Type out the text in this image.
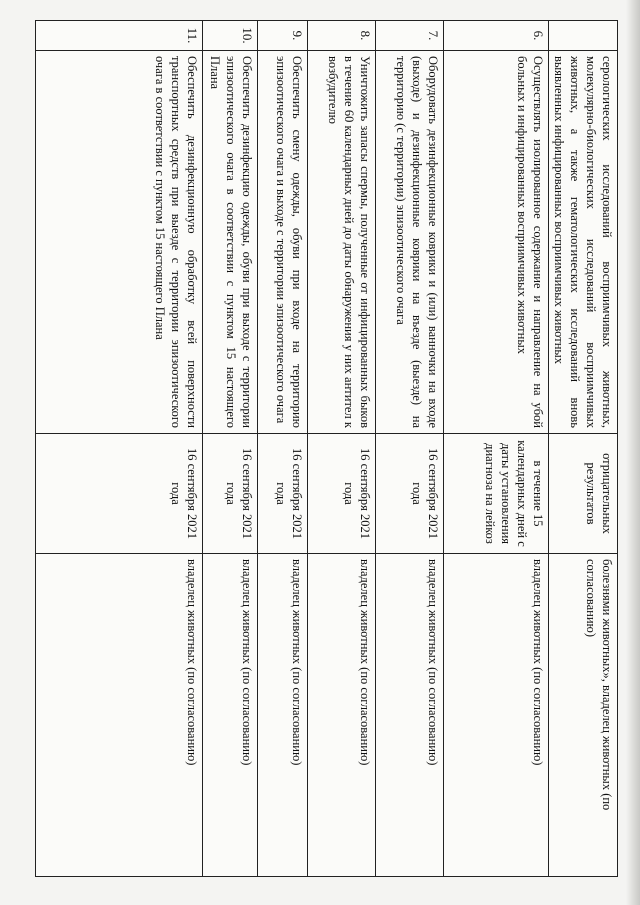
	серологических исследований восприимчивых животных, молекулярно-биологических исследований восприимчивых животных, а также гематологических исследований вновь выявленных инфицированных восприимчивых животных	отрицательных результатов	болезнями животных», владелец животных (по согласованию)
6.	Осуществлять изолированное содержание и направление на убой больных и инфицированных восприимчивых животных	в течение 15 календарных дней с даты установления диагноза на лейкоз	владелец животных (по согласованию)
7.	Оборудовать дезинфекционные коврики и (или) ванночки на входе (выходе) и дезинфекционные коврики на въезде (выезде) на территорию (с территории) эпизоотического очага	16 сентября 2021 года	владелец животных (по согласованию)
8.	Уничтожить запасы спермы, полученные от инфицированных быков в течение 60 календарных дней до даты обнаружения у них антител к возбудителю	16 сентября 2021 года	владелец животных (по согласованию)
9.	Обеспечить смену одежды, обуви при входе на территорию эпизоотического очага и выходе с территории эпизоотического очага	16 сентября 2021 года	владелец животных (по согласованию)
10.	Обеспечить дезинфекцию одежды, обуви при выходе с территории эпизоотического очага в соответствии с пунктом 15 настоящего Плана	16 сентября 2021 года	владелец животных (по согласованию)
11.	Обеспечить дезинфекционную обработку всей поверхности транспортных средств при выезде с территории эпизоотического очага в соответствии с пунктом 15 настоящего Плана	16 сентября 2021 года	владелец животных (по согласованию)
